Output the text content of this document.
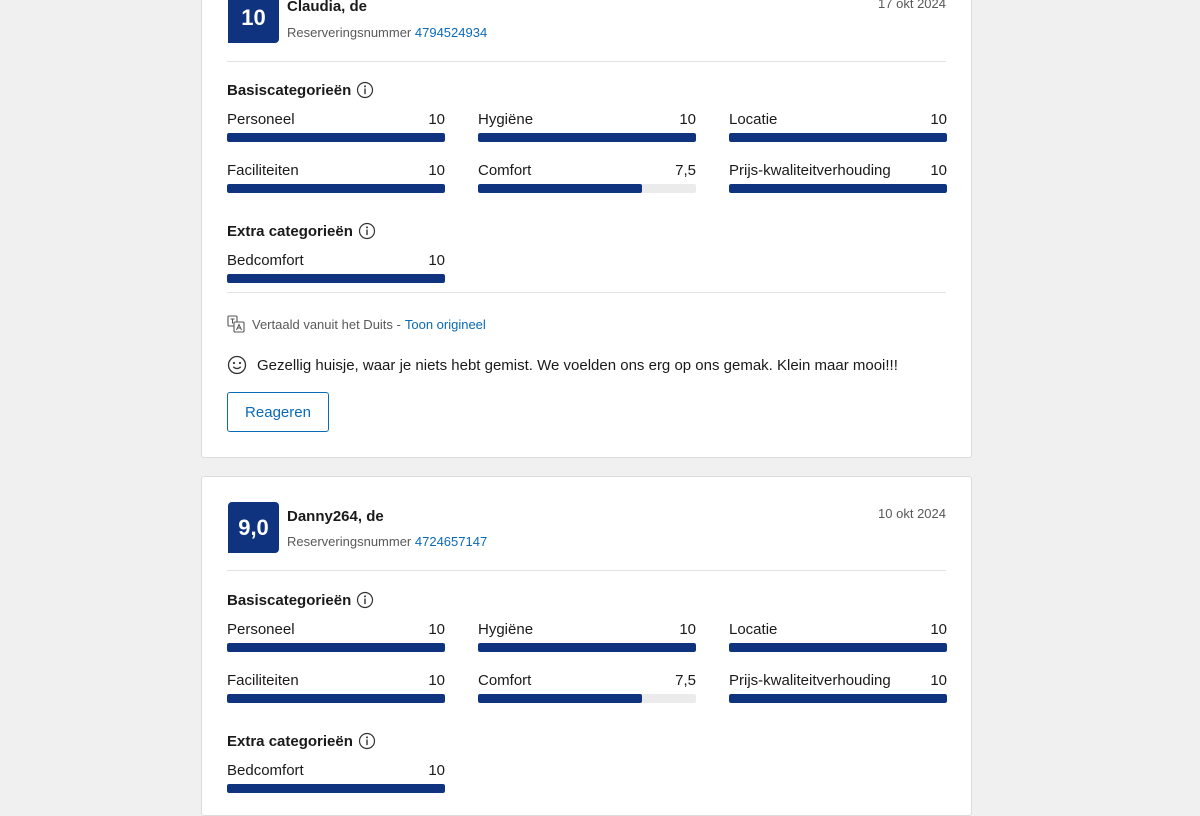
10	Claudia, de
Reserveringsnummer 4794524934
17 okt 2024
Basiscategorieën
Personeel	10 Hygiëne	10 Locatie	10
Faciliteiten	10 Comfort	7,5 Prijs-kwaliteitverhouding	10
Extra categorieën
Bedcomfort	10
Vertaald vanuit het Duits - Toon origineel
Gezellig huisje, waar je niets hebt gemist. We voelden ons erg op ons gemak. Klein maar mooi!!!
Reageren
9,0	Danny264, de
Reserveringsnummer 4724657147
10 okt 2024
Basiscategorieën
Personeel	10 Hygiëne	10 Locatie	10
Faciliteiten	10 Comfort	7,5 Prijs-kwaliteitverhouding	10
Extra categorieën
Bedcomfort	10
